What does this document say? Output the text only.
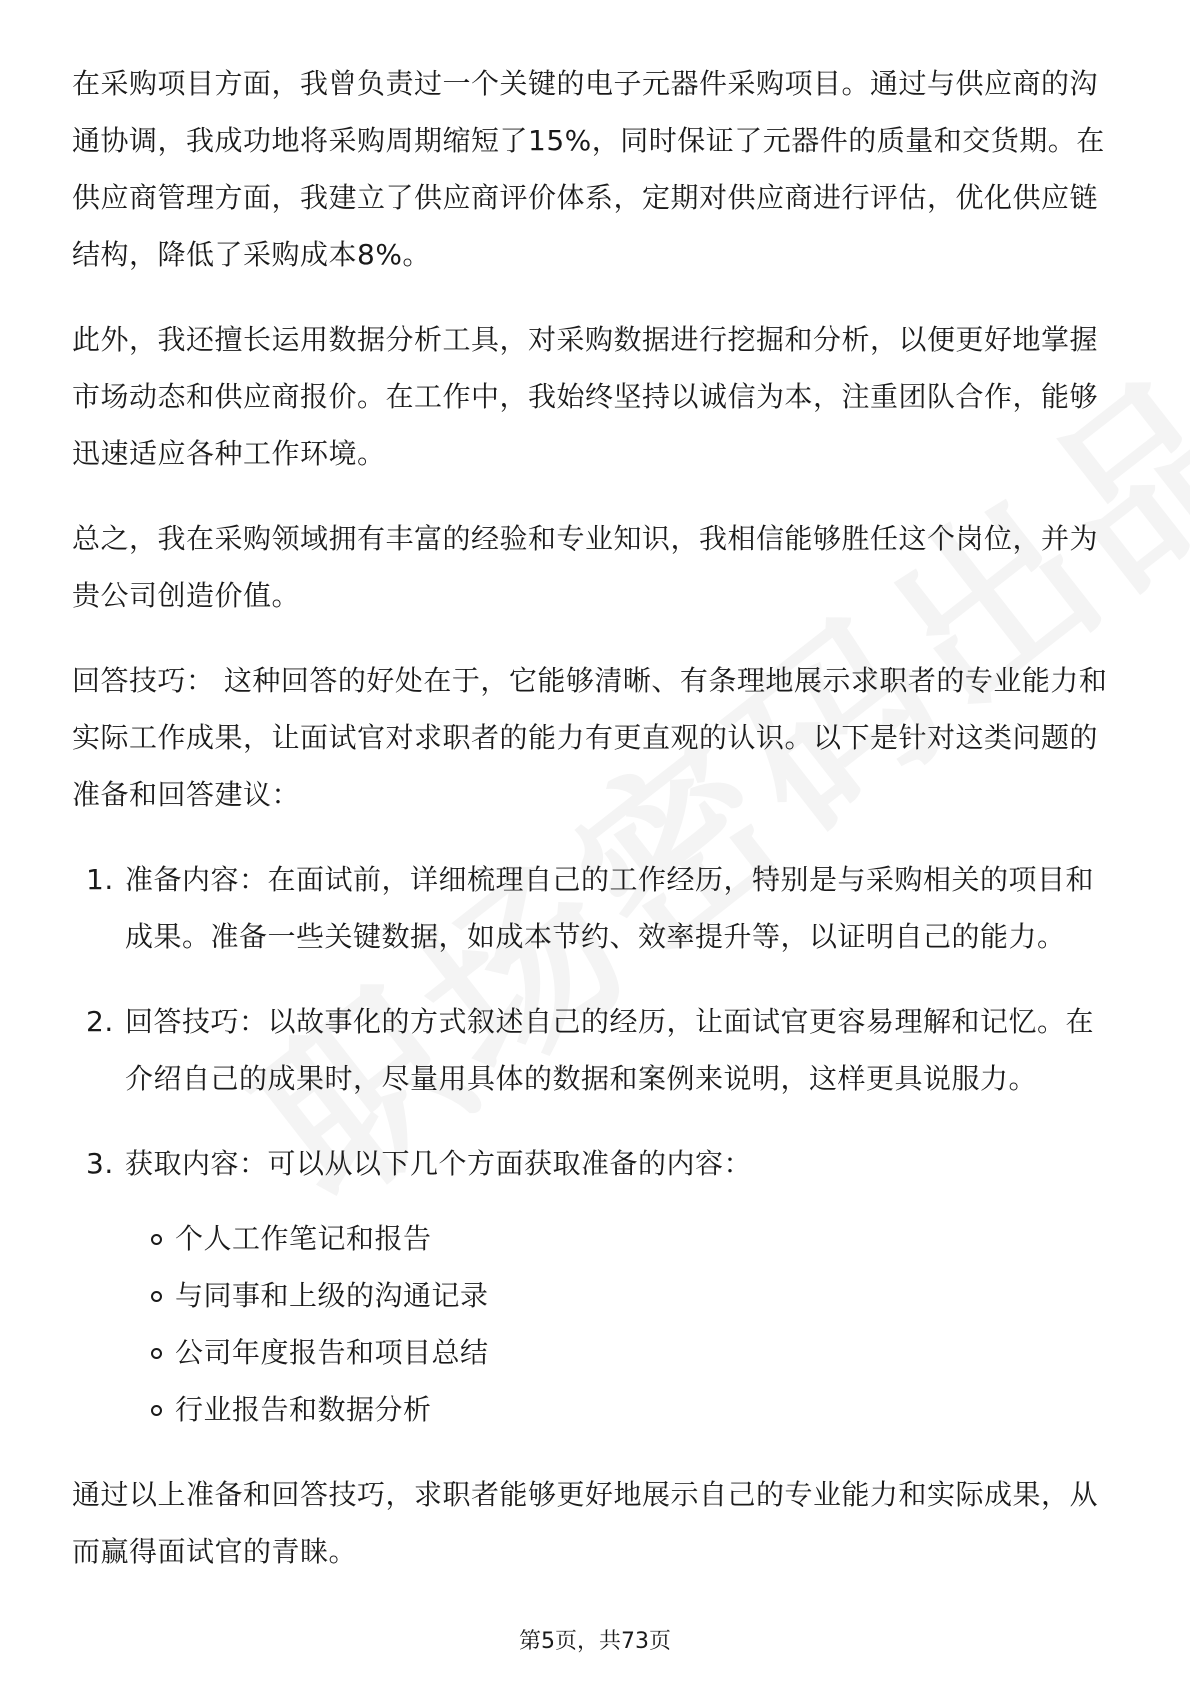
在采购项目方面，我曾负责过一个关键的电子元器件采购项目。通过与供应商的沟通协调，我成功地将采购周期缩短了15%，同时保证了元器件的质量和交货期。在供应商管理方面，我建立了供应商评价体系，定期对供应商进行评估，优化供应链结构，降低了采购成本8%。

此外，我还擅长运用数据分析工具，对采购数据进行挖掘和分析，以便更好地掌握市场动态和供应商报价。在工作中，我始终坚持以诚信为本，注重团队合作，能够迅速适应各种工作环境。

总之，我在采购领域拥有丰富的经验和专业知识，我相信能够胜任这个岗位，并为贵公司创造价值。

回答技巧： 这种回答的好处在于，它能够清晰、有条理地展示求职者的专业能力和实际工作成果，让面试官对求职者的能力有更直观的认识。以下是针对这类问题的准备和回答建议：

1. 准备内容：在面试前，详细梳理自己的工作经历，特别是与采购相关的项目和成果。准备一些关键数据，如成本节约、效率提升等，以证明自己的能力。
2. 回答技巧：以故事化的方式叙述自己的经历，让面试官更容易理解和记忆。在介绍自己的成果时，尽量用具体的数据和案例来说明，这样更具说服力。
3. 获取内容：可以从以下几个方面获取准备的内容：
个人工作笔记和报告
与同事和上级的沟通记录
公司年度报告和项目总结
行业报告和数据分析

通过以上准备和回答技巧，求职者能够更好地展示自己的专业能力和实际成果，从而赢得面试官的青睐。

第5页，共73页
